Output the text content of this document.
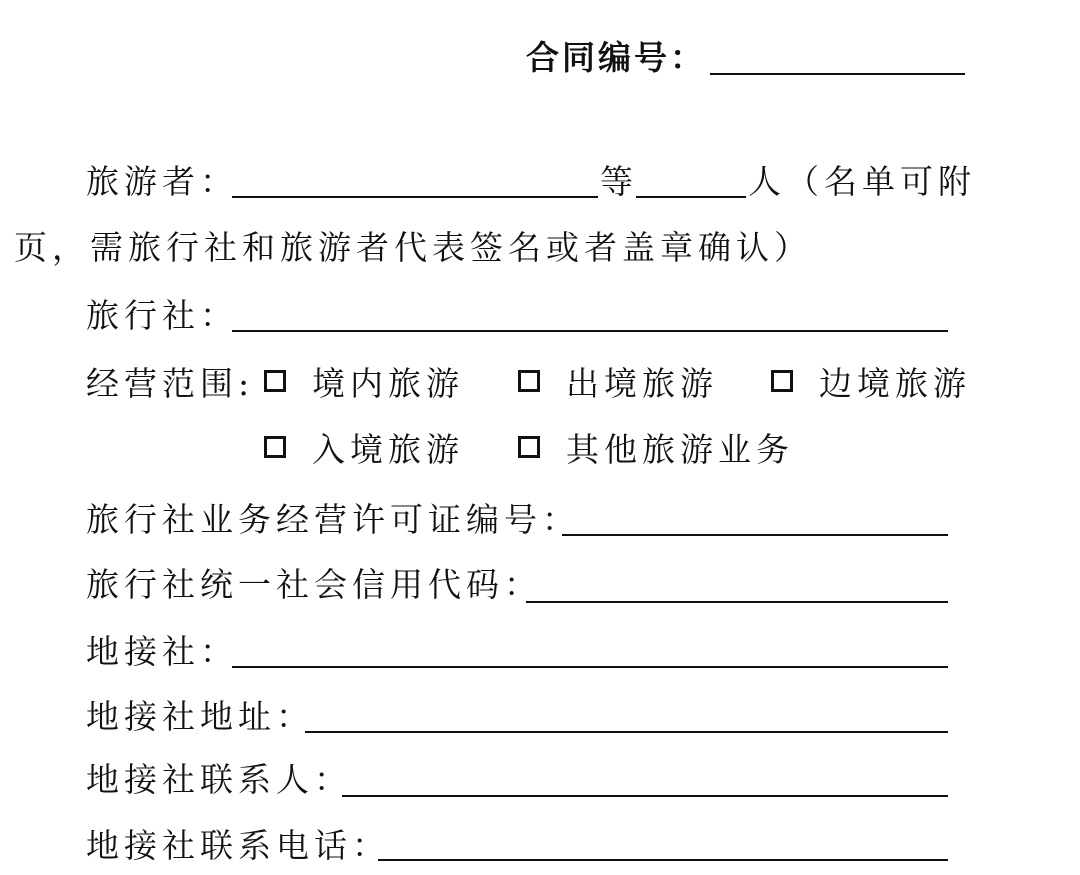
合同编号：
旅游者：	等	人（名单可附
页，需旅行社和旅游者代表签名或者盖章确认）
旅行社：
经营范围: 境内旅游	出境旅游	边境旅游
入境旅游	其他旅游业务
旅行社业务经营许可证编号：
旅行社统一社会信用代码：
地接社：
地接社地址：
地接社联系人：
地接社联系电话：
